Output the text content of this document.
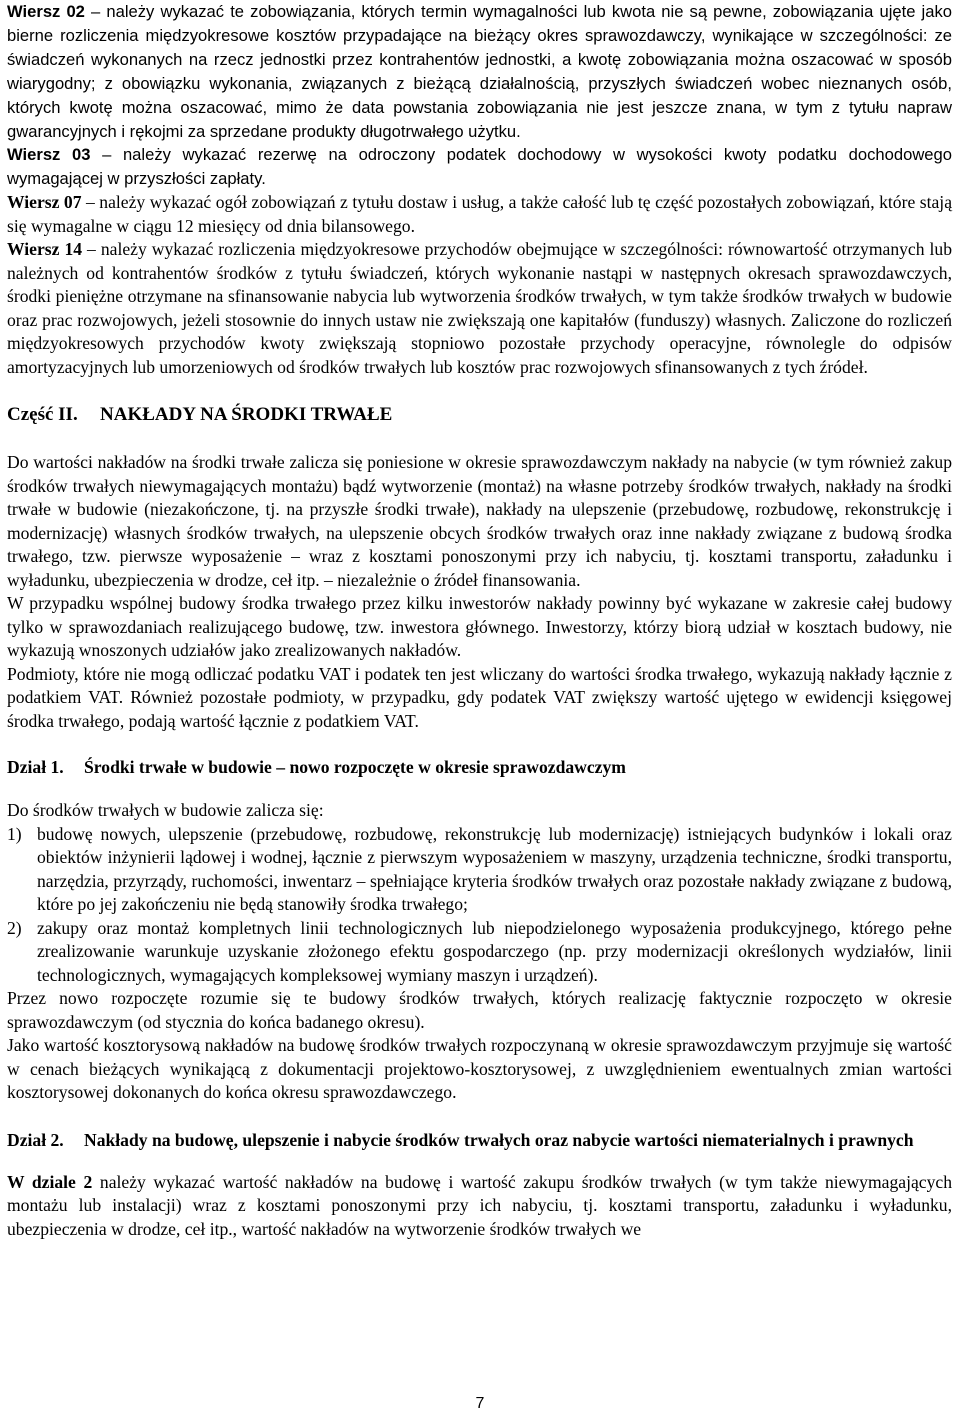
Wiersz 02 – należy wykazać te zobowiązania, których termin wymagalności lub kwota nie są pewne, zobowiązania ujęte jako bierne rozliczenia międzyokresowe kosztów przypadające na bieżący okres sprawozdawczy, wynikające w szczególności: ze świadczeń wykonanych na rzecz jednostki przez kontrahentów jednostki, a kwotę zobowiązania można oszacować w sposób wiarygodny; z obowiązku wykonania, związanych z bieżącą działalnością, przyszłych świadczeń wobec nieznanych osób, których kwotę można oszacować, mimo że data powstania zobowiązania nie jest jeszcze znana, w tym z tytułu napraw gwarancyjnych i rękojmi za sprzedane produkty długotrwałego użytku.

Wiersz 03 – należy wykazać rezerwę na odroczony podatek dochodowy w wysokości kwoty podatku dochodowego wymagającej w przyszłości zapłaty.

Wiersz 07 – należy wykazać ogół zobowiązań z tytułu dostaw i usług, a także całość lub tę część pozostałych zobowiązań, które stają się wymagalne w ciągu 12 miesięcy od dnia bilansowego.

Wiersz 14 – należy wykazać rozliczenia międzyokresowe przychodów obejmujące w szczególności: równowartość otrzymanych lub należnych od kontrahentów środków z tytułu świadczeń, których wykonanie nastąpi w następnych okresach sprawozdawczych, środki pieniężne otrzymane na sfinansowanie nabycia lub wytworzenia środków trwałych, w tym także środków trwałych w budowie oraz prac rozwojowych, jeżeli stosownie do innych ustaw nie zwiększają one kapitałów (funduszy) własnych. Zaliczone do rozliczeń międzyokresowych przychodów kwoty zwiększają stopniowo pozostałe przychody operacyjne, równolegle do odpisów amortyzacyjnych lub umorzeniowych od środków trwałych lub kosztów prac rozwojowych sfinansowanych z tych źródeł.

Część II. NAKŁADY NA ŚRODKI TRWAŁE

Do wartości nakładów na środki trwałe zalicza się poniesione w okresie sprawozdawczym nakłady na nabycie (w tym również zakup środków trwałych niewymagających montażu) bądź wytworzenie (montaż) na własne potrzeby środków trwałych, nakłady na środki trwałe w budowie (niezakończone, tj. na przyszłe środki trwałe), nakłady na ulepszenie (przebudowę, rozbudowę, rekonstrukcję i modernizację) własnych środków trwałych, na ulepszenie obcych środków trwałych oraz inne nakłady związane z budową środka trwałego, tzw. pierwsze wyposażenie – wraz z kosztami ponoszonymi przy ich nabyciu, tj. kosztami transportu, załadunku i wyładunku, ubezpieczenia w drodze, ceł itp. – niezależnie o źródeł finansowania.

W przypadku wspólnej budowy środka trwałego przez kilku inwestorów nakłady powinny być wykazane w zakresie całej budowy tylko w sprawozdaniach realizującego budowę, tzw. inwestora głównego. Inwestorzy, którzy biorą udział w kosztach budowy, nie wykazują wnoszonych udziałów jako zrealizowanych nakładów.

Podmioty, które nie mogą odliczać podatku VAT i podatek ten jest wliczany do wartości środka trwałego, wykazują nakłady łącznie z podatkiem VAT. Również pozostałe podmioty, w przypadku, gdy podatek VAT zwiększy wartość ujętego w ewidencji księgowej środka trwałego, podają wartość łącznie z podatkiem VAT.

Dział 1. Środki trwałe w budowie – nowo rozpoczęte w okresie sprawozdawczym

Do środków trwałych w budowie zalicza się:

1) budowę nowych, ulepszenie (przebudowę, rozbudowę, rekonstrukcję lub modernizację) istniejących budynków i lokali oraz obiektów inżynierii lądowej i wodnej, łącznie z pierwszym wyposażeniem w maszyny, urządzenia techniczne, środki transportu, narzędzia, przyrządy, ruchomości, inwentarz – spełniające kryteria środków trwałych oraz pozostałe nakłady związane z budową, które po jej zakończeniu nie będą stanowiły środka trwałego;
2) zakupy oraz montaż kompletnych linii technologicznych lub niepodzielonego wyposażenia produkcyjnego, którego pełne zrealizowanie warunkuje uzyskanie złożonego efektu gospodarczego (np. przy modernizacji określonych wydziałów, linii technologicznych, wymagających kompleksowej wymiany maszyn i urządzeń).

Przez nowo rozpoczęte rozumie się te budowy środków trwałych, których realizację faktycznie rozpoczęto w okresie sprawozdawczym (od stycznia do końca badanego okresu).

Jako wartość kosztorysową nakładów na budowę środków trwałych rozpoczynaną w okresie sprawozdawczym przyjmuje się wartość w cenach bieżących wynikającą z dokumentacji projektowo-kosztorysowej, z uwzględnieniem ewentualnych zmian wartości kosztorysowej dokonanych do końca okresu sprawozdawczego.

Dział 2.	Nakłady na budowę, ulepszenie i nabycie środków trwałych oraz nabycie wartości niematerialnych i prawnych

W dziale 2 należy wykazać wartość nakładów na budowę i wartość zakupu środków trwałych (w tym także niewymagających montażu lub instalacji) wraz z kosztami ponoszonymi przy ich nabyciu, tj. kosztami transportu, załadunku i wyładunku, ubezpieczenia w drodze, ceł itp., wartość nakładów na wytworzenie środków trwałych we

7
